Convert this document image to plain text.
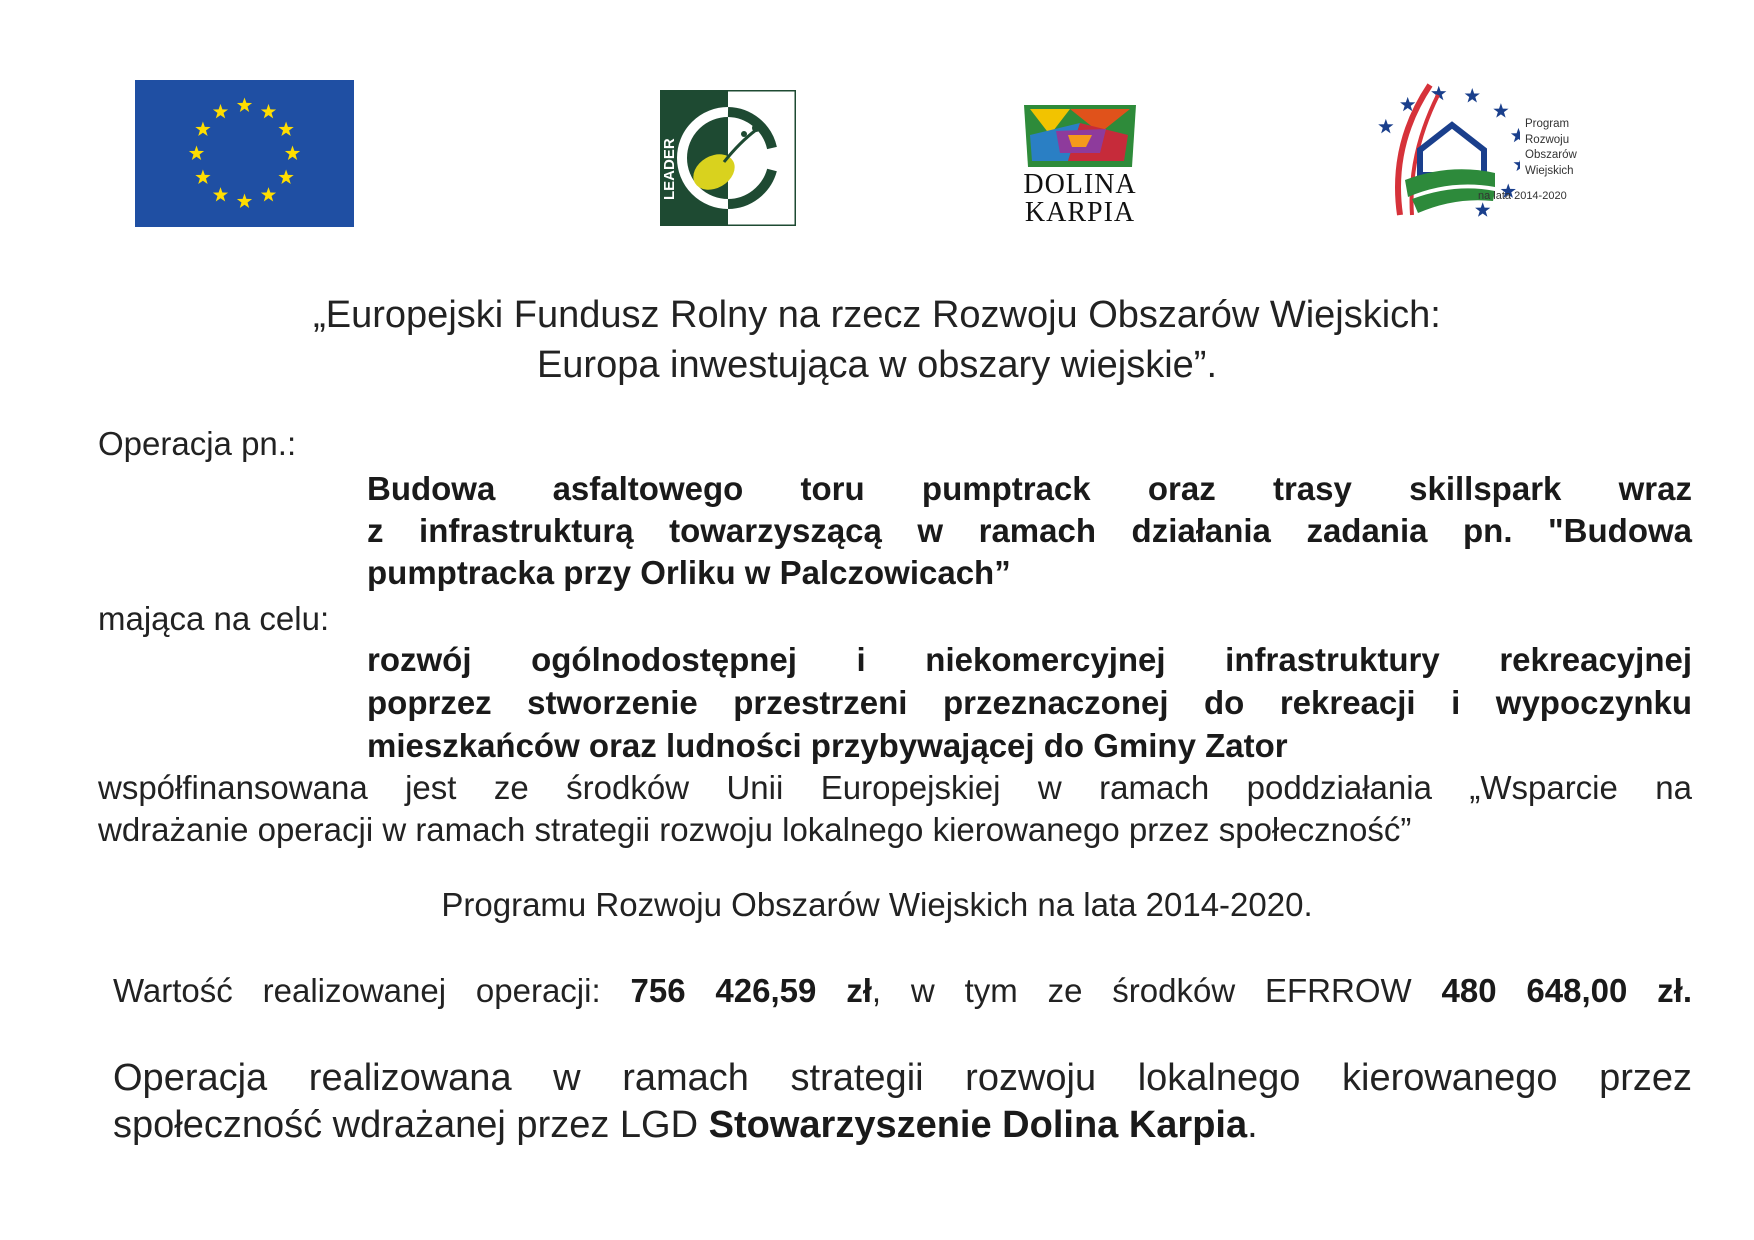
LEADER	DOLINA
KARPIA
Program
Rozwoju
Obszarów
Wiejskich
na lata 2014-2020
„Europejski Fundusz Rolny na rzecz Rozwoju Obszarów Wiejskich:
Europa inwestująca w obszary wiejskie”.
Operacja pn.:
Budowa asfaltowego toru pumptrack oraz trasy skillspark wraz
z infrastrukturą towarzyszącą w ramach działania zadania pn. "Budowa
pumptracka przy Orliku w Palczowicach”
mająca na celu:
rozwój ogólnodostępnej i niekomercyjnej infrastruktury rekreacyjnej
poprzez stworzenie przestrzeni przeznaczonej do rekreacji i wypoczynku
mieszkańców oraz ludności przybywającej do Gminy Zator
współfinansowana jest ze środków Unii Europejskiej w ramach poddziałania „Wsparcie na
wdrażanie operacji w ramach strategii rozwoju lokalnego kierowanego przez społeczność”
Programu Rozwoju Obszarów Wiejskich na lata 2014-2020.
Wartość realizowanej operacji: 756 426,59 zł, w tym ze środków EFRROW 480 648,00 zł.
Operacja realizowana w ramach strategii rozwoju lokalnego kierowanego przez
społeczność wdrażanej przez LGD Stowarzyszenie Dolina Karpia.
